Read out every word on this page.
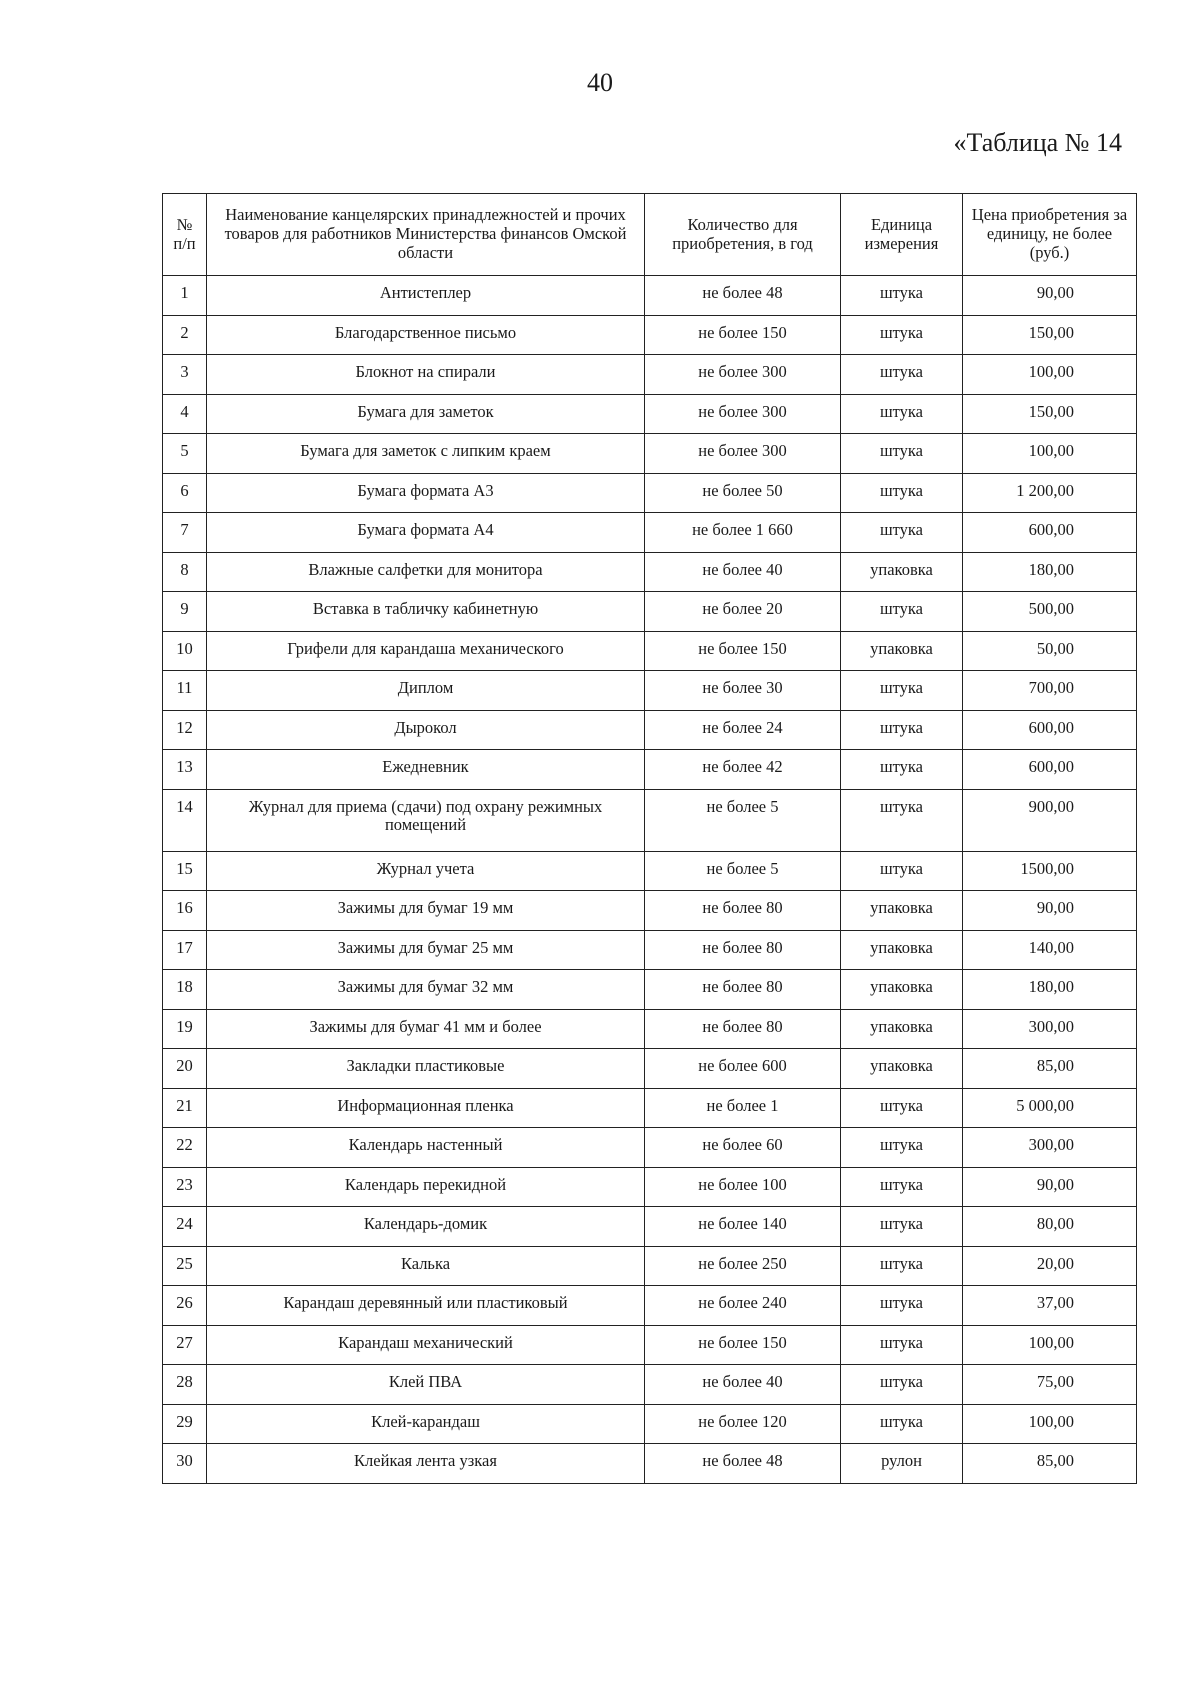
40
«Таблица № 14
№ п/п	Наименование канцелярских принадлежностей и прочих товаров для работников Министерства финансов Омской области	Количество для приобретения, в год	Единица измерения	Цена приобретения за единицу, не более (руб.)
1	Антистеплер	не более 48	штука	90,00
2	Благодарственное письмо	не более 150	штука	150,00
3	Блокнот на спирали	не более 300	штука	100,00
4	Бумага для заметок	не более 300	штука	150,00
5	Бумага для заметок с липким краем	не более 300	штука	100,00
6	Бумага формата А3	не более 50	штука	1 200,00
7	Бумага формата А4	не более 1 660	штука	600,00
8	Влажные салфетки для монитора	не более 40	упаковка	180,00
9	Вставка в табличку кабинетную	не более 20	штука	500,00
10	Грифели для карандаша механического	не более 150	упаковка	50,00
11	Диплом	не более 30	штука	700,00
12	Дырокол	не более 24	штука	600,00
13	Ежедневник	не более 42	штука	600,00
14	Журнал для приема (сдачи) под охрану режимных помещений	не более 5	штука	900,00
15	Журнал учета	не более 5	штука	1500,00
16	Зажимы для бумаг 19 мм	не более 80	упаковка	90,00
17	Зажимы для бумаг 25 мм	не более 80	упаковка	140,00
18	Зажимы для бумаг 32 мм	не более 80	упаковка	180,00
19	Зажимы для бумаг 41 мм и более	не более 80	упаковка	300,00
20	Закладки пластиковые	не более 600	упаковка	85,00
21	Информационная пленка	не более 1	штука	5 000,00
22	Календарь настенный	не более 60	штука	300,00
23	Календарь перекидной	не более 100	штука	90,00
24	Календарь-домик	не более 140	штука	80,00
25	Калька	не более 250	штука	20,00
26	Карандаш деревянный или пластиковый	не более 240	штука	37,00
27	Карандаш механический	не более 150	штука	100,00
28	Клей ПВА	не более 40	штука	75,00
29	Клей-карандаш	не более 120	штука	100,00
30	Клейкая лента узкая	не более 48	рулон	85,00
